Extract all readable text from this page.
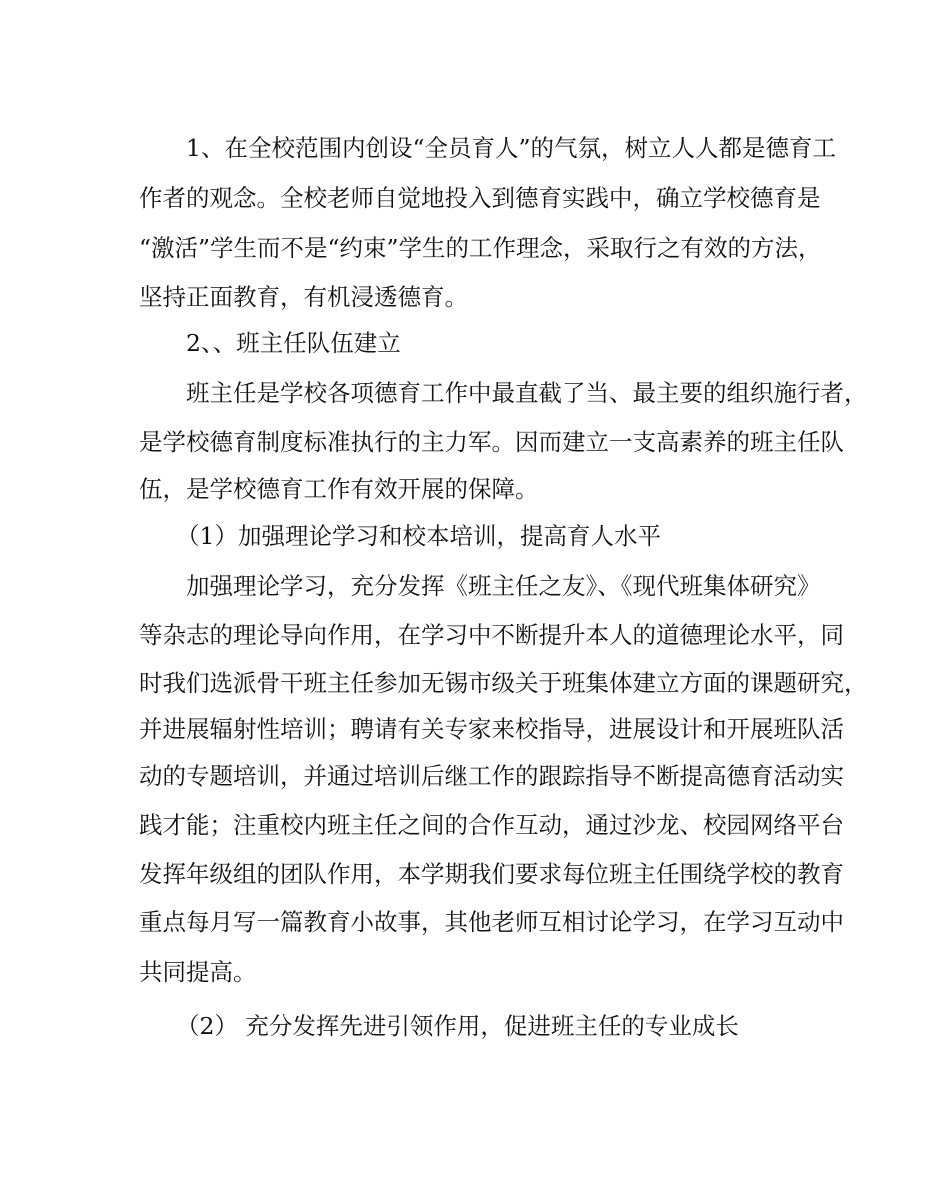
1、在全校范围内创设“全员育人”的气氛，树立人人都是德育工
作者的观念。全校老师自觉地投入到德育实践中，确立学校德育是
“激活”学生而不是“约束”学生的工作理念，采取行之有效的方法，
坚持正面教育，有机浸透德育。
2、、班主任队伍建立
班主任是学校各项德育工作中最直截了当、最主要的组织施行者，
是学校德育制度标准执行的主力军。因而建立一支高素养的班主任队
伍，是学校德育工作有效开展的保障。
（1）加强理论学习和校本培训，提高育人水平
加强理论学习，充分发挥《班主任之友》、《现代班集体研究》
等杂志的理论导向作用，在学习中不断提升本人的道德理论水平，同
时我们选派骨干班主任参加无锡市级关于班集体建立方面的课题研究，
并进展辐射性培训；聘请有关专家来校指导，进展设计和开展班队活
动的专题培训，并通过培训后继工作的跟踪指导不断提高德育活动实
践才能；注重校内班主任之间的合作互动，通过沙龙、校园网络平台
发挥年级组的团队作用，本学期我们要求每位班主任围绕学校的教育
重点每月写一篇教育小故事，其他老师互相讨论学习，在学习互动中
共同提高。
（2） 充分发挥先进引领作用，促进班主任的专业成长
